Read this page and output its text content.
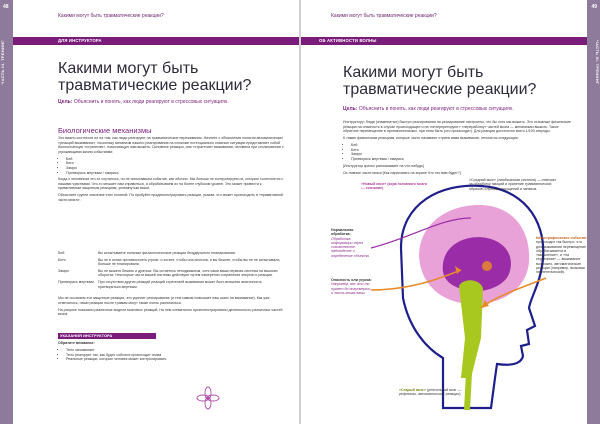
48
ЧАСТЬ III. ТРЕНИНГ
Какими могут быть травматические реакции?
ДЛЯ ИНСТРУКТОРА
Какими могут быть травматические реакции?
Цель: Объяснить и понять, как люди реагируют в стрессовых ситуациях.
Биологические механизмы

Это важно соотнести не на том, как люди реагируют на травматические переживания. Начнете с объяснения понятия автоматических «реакций выживания», поскольку механизм нашего реагирования на сложные потенциально опасные ситуации представляет собой биологическую «стратегию», помогающую нам выжить. Основные реакции, или «стратегии» выживания, человека при столкновении с угрожающими жизни событиями:

• Бей
• Беги
• Замри
• Притворись мертвым / смирись

Когда с человеком что-то случилось, но не испытавшим событие, как обычно. Мы больше не контролируем их, которые соотносятся с нашими чувствами. Что-то мешает нам справиться, а обрабатываем их на более глубоком уровне. Это может привести к примитивным защитным реакциям, упомянутым выше.

Объясните группе значение этих понятий. По пробуйте продемонстрировать реакции, указав, что может происходить в «примитивной части мозга».

Бей	Вы испытываете сильные физиологические реакции безудержного планирования.
Беги	Вы не в силах противостоять угрозе, и хотите, чтобы она исчезла, и вы бежите, чтобы вы ее не испытывали, больше не планировали.
Замри	Вы не можете бежать и драться. Вы остаетесь неподвижным, хотя сама ваша нервная система на высоких оборотах. Некоторые части вашей системы действуют путем намеренно сохранения энергии и реакции.
Притворись мертвым	При отсутствии других реакций реакций стратегией выживания может быть внешняя апатичность притворяться мертвым.

Мы не осознаем эти защитные реакции, это укрепит реагирование (и тем самым повышает наш шанс на выживание). Как уже отмечалось, наши реакции после травмы могут также очень различаться.

На рисунке показаны различные модели мозговых реакций. На нем схематично проиллюстрированы деятельность различных частей мозга.

УКАЗАНИЯ ИНСТРУКТОРА

Обратите внимание:

• Тело запоминает
• Тело реагирует так, как будто событие происходит снова
• Реальные реакции, которые человек может контролировать
49
ЧАСТЬ III. ТРЕНИНГ
Какими могут быть травматические реакции?
ОБ АКТИВНОСТИ ВОЛНЫ
Какими могут быть травматические реакции?
Цель: Объяснить и понять, как люди реагируют в стрессовых ситуациях.

Инструктору: Люди (знаменитые) быстро реагирования на реагирование настроены, что бы хотя мы выжить. Это основные физические реакции на опасность в случае происходящее и на «интерпретируют» «переработку» частей мозга — механизмы выжить. Такое обратное перемещение в противоположных, при этом быть (что происходит). Для реакции достаточно всего 1/100 секунды.

К таким физическим реакциям, которые часто называют стратегиями выживания, относятся следующие:

• Бей
• Беги
• Замри
• Притворись мертвым / смирись

[Инструктор кратко рассказывает на что-нибудь]

Ос новные части мозга [Как нарисовать на экране Что это вам будет?]

«Новый мозг» (кора головного мозга — сознание)
«Средний мозг» (лимбическая система) — отвечает за обработку эмоций и хранение травматических образов, слуховых ощущений и запахов.
Нормальная обработка:
Обработка информации через сознательное наблюдение и определение объекта.
Опасность или угроза:
Например, вас что-то пугает до полусмерти, и часть мозга вами.
Катастрофическое событие: происходит так быстро, что для выживания перемещение обрабатывается в «мышление», и «на сердечном» — выживание возможно, автоматические реакции (например, вызывая эпилептический).
«Старый мозг» (рептильный мозг — рефлексы, автоматические реакции)
